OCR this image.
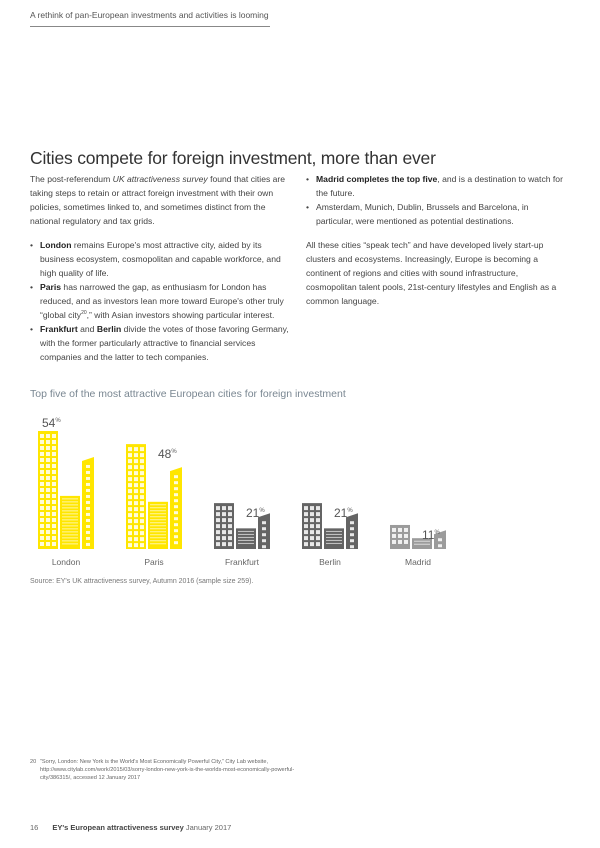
A rethink of pan-European investments and activities is looming
Cities compete for foreign investment, more than ever

The post-referendum UK attractiveness survey found that cities are taking steps to retain or attract foreign investment with their own policies, sometimes linked to, and sometimes distinct from the national regulatory and tax grids.

• London remains Europe's most attractive city, aided by its business ecosystem, cosmopolitan and capable workforce, and high quality of life.
• Paris has narrowed the gap, as enthusiasm for London has reduced, and as investors lean more toward Europe's other truly “global city$^{20}$,” with Asian investors showing particular interest.
• Frankfurt and Berlin divide the votes of those favoring Germany, with the former particularly attractive to financial services companies and the latter to tech companies.
• Madrid completes the top five, and is a destination to watch for the future.
• Amsterdam, Munich, Dublin, Brussels and Barcelona, in particular, were mentioned as potential destinations.

All these cities “speak tech” and have developed lively start-up clusters and ecosystems. Increasingly, Europe is becoming a continent of regions and cities with sound infrastructure, cosmopolitan talent pools, 21st-century lifestyles and English as a common language.

Top five of the most attractive European cities for foreign investment
54%
London
48%
Paris
21%
Frankfurt
21%
Berlin
11%
Madrid
Source: EY's UK attractiveness survey, Autumn 2016 (sample size 259).
20 “Sorry, London: New York is the World's Most Economically Powerful City,” City Lab website, http://www.citylab.com/work/2015/03/sorry-london-new-york-is-the-worlds-most-economically-powerful-city/386315/, accessed 12 January 2017
16 EY's European attractiveness survey January 2017
